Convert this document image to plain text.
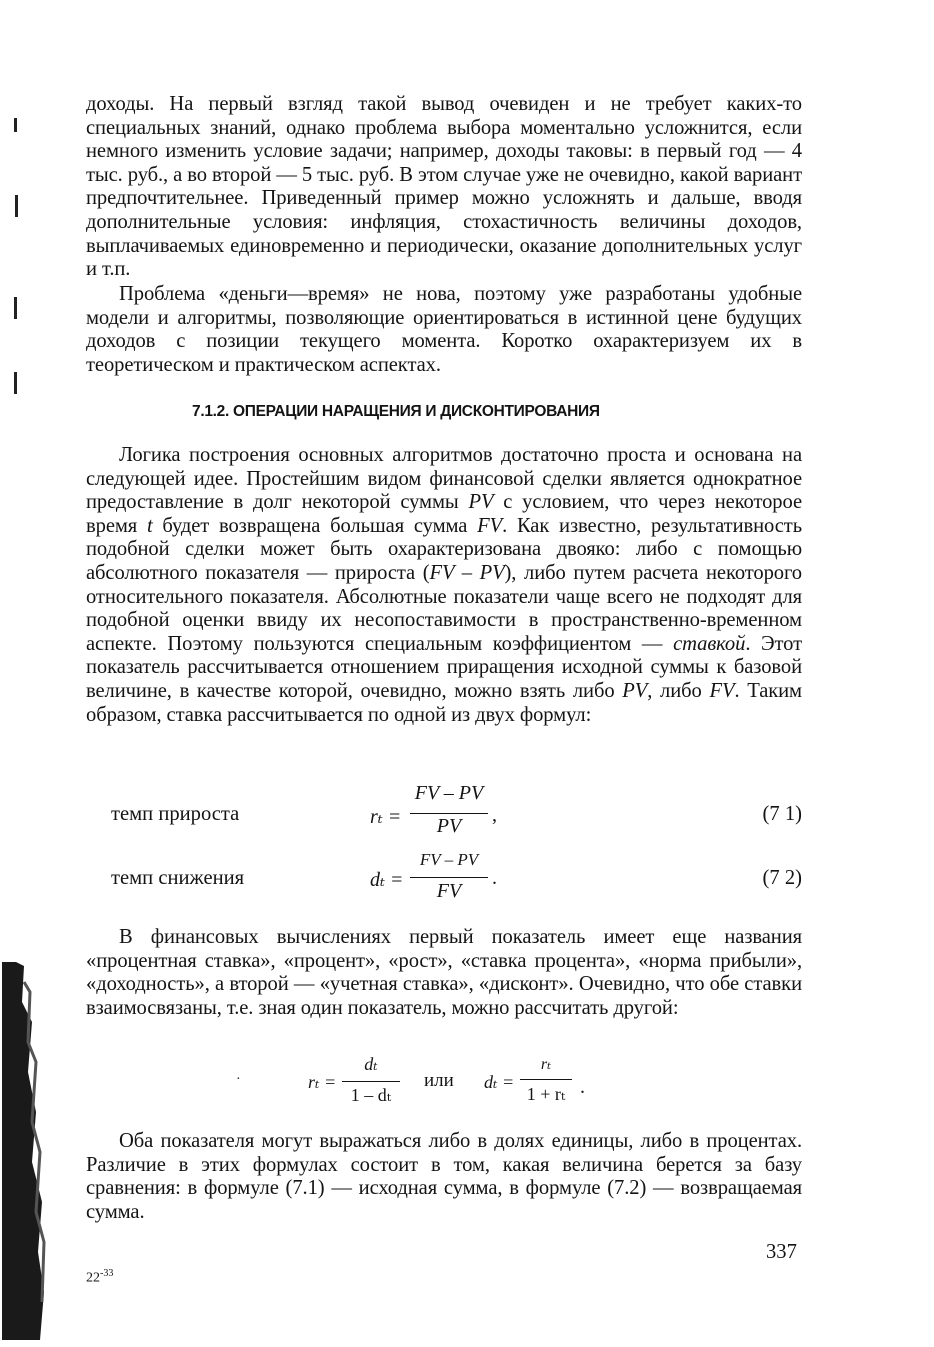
доходы. На первый взгляд такой вывод очевиден и не требует каких-то специальных знаний, однако проблема выбора моментально усложнится, если немного изменить условие задачи; например, доходы таковы: в первый год — 4 тыс. руб., а во второй — 5 тыс. руб. В этом случае уже не очевидно, какой вариант предпочтительнее. Приведенный пример можно усложнять и дальше, вводя дополнительные условия: инфляция, стохастичность величины доходов, выплачиваемых единовременно и периодически, оказание дополнительных услуг и т.п.

Проблема «деньги—время» не нова, поэтому уже разработаны удобные модели и алгоритмы, позволяющие ориентироваться в истинной цене будущих доходов с позиции текущего момента. Коротко охарактеризуем их в теоретическом и практическом аспектах.

7.1.2. ОПЕРАЦИИ НАРАЩЕНИЯ И ДИСКОНТИРОВАНИЯ

Логика построения основных алгоритмов достаточно проста и основана на следующей идее. Простейшим видом финансовой сделки является однократное предоставление в долг некоторой суммы PV с условием, что через некоторое время t будет возвращена большая сумма FV. Как известно, результативность подобной сделки может быть охарактеризована двояко: либо с помощью абсолютного показателя — прироста (FV – PV), либо путем расчета некоторого относительного показателя. Абсолютные показатели чаще всего не подходят для подобной оценки ввиду их несопоставимости в пространственно-временном аспекте. Поэтому пользуются специальным коэффициентом — ставкой. Этот показатель рассчитывается отношением приращения исходной суммы к базовой величине, в качестве которой, очевидно, можно взять либо PV, либо FV. Таким образом, ставка рассчитывается по одной из двух формул:

темп прироста	rₜ =
FV – PV
PV	,	(7 1)
темп снижения	dₜ =
FV – PV
FV
.	(7 2)

В финансовых вычислениях первый показатель имеет еще названия «процентная ставка», «процент», «рост», «ставка процента», «норма прибыли», «доходность», а второй — «учетная ставка», «дисконт». Очевидно, что обе ставки взаимосвязаны, т.е. зная один показатель, можно рассчитать другой:

·	rₜ =
dₜ
1 – dₜ
или dₜ =
rₜ
1 + rₜ .

Оба показателя могут выражаться либо в долях единицы, либо в процентах. Различие в этих формулах состоит в том, какая величина берется за базу сравнения: в формуле (7.1) — исходная сумма, в формуле (7.2) — возвращаемая сумма.

337
$22^{-33}$
